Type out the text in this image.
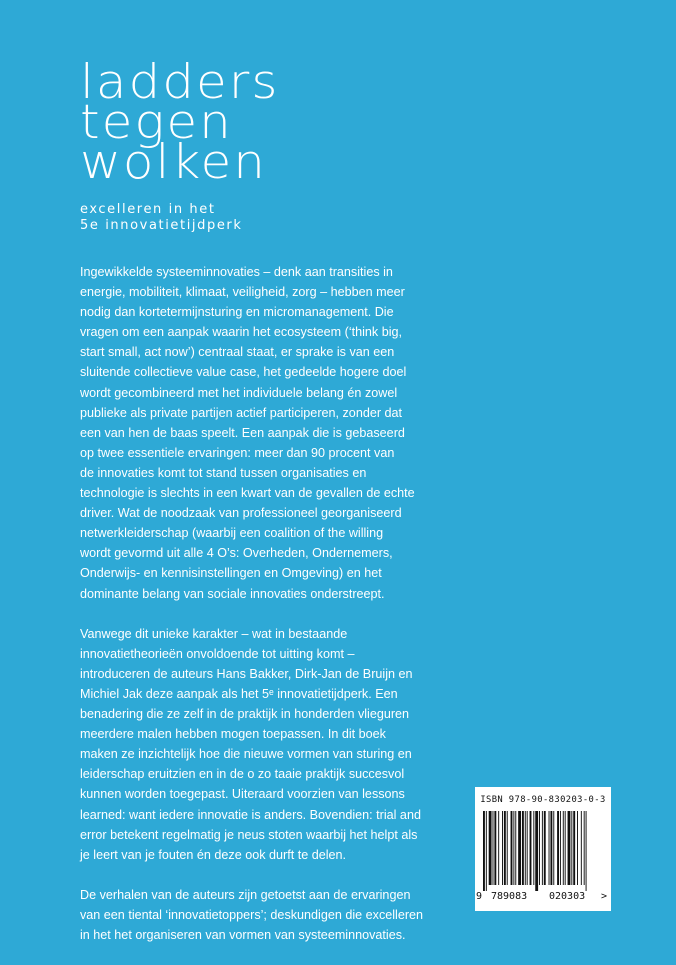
ladders
tegen
wolken
excelleren in het
5e innovatietijdperk

Ingewikkelde systeeminnovaties – denk aan transities in
energie, mobiliteit, klimaat, veiligheid, zorg – hebben meer
nodig dan kortetermijnsturing en micromanagement. Die
vragen om een aanpak waarin het ecosysteem (‘think big,
start small, act now’) centraal staat, er sprake is van een
sluitende collectieve value case, het gedeelde hogere doel
wordt gecombineerd met het individuele belang én zowel
publieke als private partijen actief participeren, zonder dat
een van hen de baas speelt. Een aanpak die is gebaseerd
op twee essentiele ervaringen: meer dan 90 procent van
de innovaties komt tot stand tussen organisaties en
technologie is slechts in een kwart van de gevallen de echte
driver. Wat de noodzaak van professioneel georganiseerd
netwerkleiderschap (waarbij een coalition of the willing
wordt gevormd uit alle 4 O’s: Overheden, Ondernemers,
Onderwijs- en kennisinstellingen en Omgeving) en het
dominante belang van sociale innovaties onderstreept.

Vanwege dit unieke karakter – wat in bestaande
innovatietheorieën onvoldoende tot uitting komt –
introduceren de auteurs Hans Bakker, Dirk-Jan de Bruijn en
Michiel Jak deze aanpak als het 5ᵉ innovatietijdperk. Een
benadering die ze zelf in de praktijk in honderden vlieguren
meerdere malen hebben mogen toepassen. In dit boek
maken ze inzichtelijk hoe die nieuwe vormen van sturing en
leiderschap eruitzien en in de o zo taaie praktijk succesvol
kunnen worden toegepast. Uiteraard voorzien van lessons
learned: want iedere innovatie is anders. Bovendien: trial and
error betekent regelmatig je neus stoten waarbij het helpt als
je leert van je fouten én deze ook durft te delen.

De verhalen van de auteurs zijn getoetst aan de ervaringen
van een tiental ‘innovatietoppers’; deskundigen die excelleren
in het het organiseren van vormen van systeeminnovaties.

ISBN 978-90-830203-0-3
9 789083 020303 >
